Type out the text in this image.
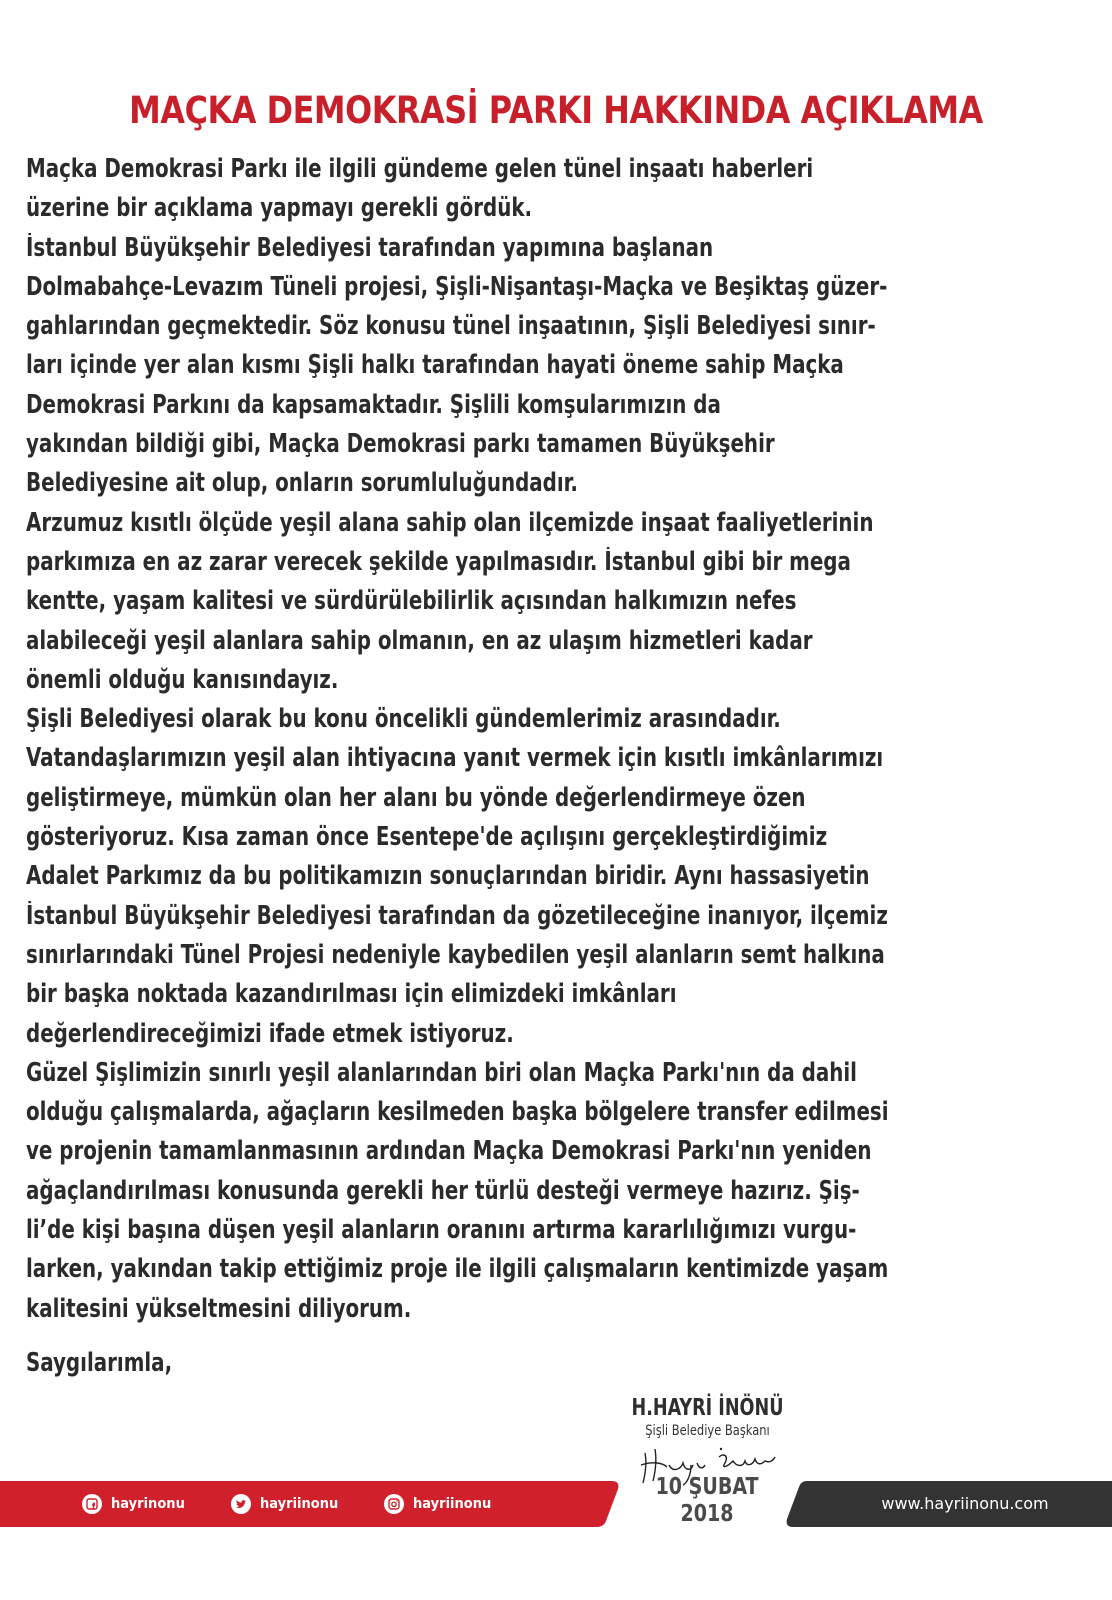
MAÇKA DEMOKRASİ PARKI HAKKINDA AÇIKLAMA
Maçka Demokrasi Parkı ile ilgili gündeme gelen tünel inşaatı haberleri
üzerine bir açıklama yapmayı gerekli gördük.
İstanbul Büyükşehir Belediyesi tarafından yapımına başlanan
Dolmabahçe-Levazım Tüneli projesi, Şişli-Nişantaşı-Maçka ve Beşiktaş güzer-
gahlarından geçmektedir. Söz konusu tünel inşaatının, Şişli Belediyesi sınır-
ları içinde yer alan kısmı Şişli halkı tarafından hayati öneme sahip Maçka
Demokrasi Parkını da kapsamaktadır. Şişlili komşularımızın da
yakından bildiği gibi, Maçka Demokrasi parkı tamamen Büyükşehir
Belediyesine ait olup, onların sorumluluğundadır.
Arzumuz kısıtlı ölçüde yeşil alana sahip olan ilçemizde inşaat faaliyetlerinin
parkımıza en az zarar verecek şekilde yapılmasıdır. İstanbul gibi bir mega
kentte, yaşam kalitesi ve sürdürülebilirlik açısından halkımızın nefes
alabileceği yeşil alanlara sahip olmanın, en az ulaşım hizmetleri kadar
önemli olduğu kanısındayız.
Şişli Belediyesi olarak bu konu öncelikli gündemlerimiz arasındadır.
Vatandaşlarımızın yeşil alan ihtiyacına yanıt vermek için kısıtlı imkânlarımızı
geliştirmeye, mümkün olan her alanı bu yönde değerlendirmeye özen
gösteriyoruz. Kısa zaman önce Esentepe'de açılışını gerçekleştirdiğimiz
Adalet Parkımız da bu politikamızın sonuçlarından biridir. Aynı hassasiyetin
İstanbul Büyükşehir Belediyesi tarafından da gözetileceğine inanıyor, ilçemiz
sınırlarındaki Tünel Projesi nedeniyle kaybedilen yeşil alanların semt halkına
bir başka noktada kazandırılması için elimizdeki imkânları
değerlendireceğimizi ifade etmek istiyoruz.
Güzel Şişlimizin sınırlı yeşil alanlarından biri olan Maçka Parkı'nın da dahil
olduğu çalışmalarda, ağaçların kesilmeden başka bölgelere transfer edilmesi
ve projenin tamamlanmasının ardından Maçka Demokrasi Parkı'nın yeniden
ağaçlandırılması konusunda gerekli her türlü desteği vermeye hazırız. Şiş-
li’de kişi başına düşen yeşil alanların oranını artırma kararlılığımızı vurgu-
larken, yakından takip ettiğimiz proje ile ilgili çalışmaların kentimizde yaşam
kalitesini yükseltmesini diliyorum.
Saygılarımla,
H.HAYRİ İNÖNÜ
Şişli Belediye Başkanı
hayrinonu	hayriinonu	hayriinonu
10 ŞUBAT
2018	www.hayriinonu.com
